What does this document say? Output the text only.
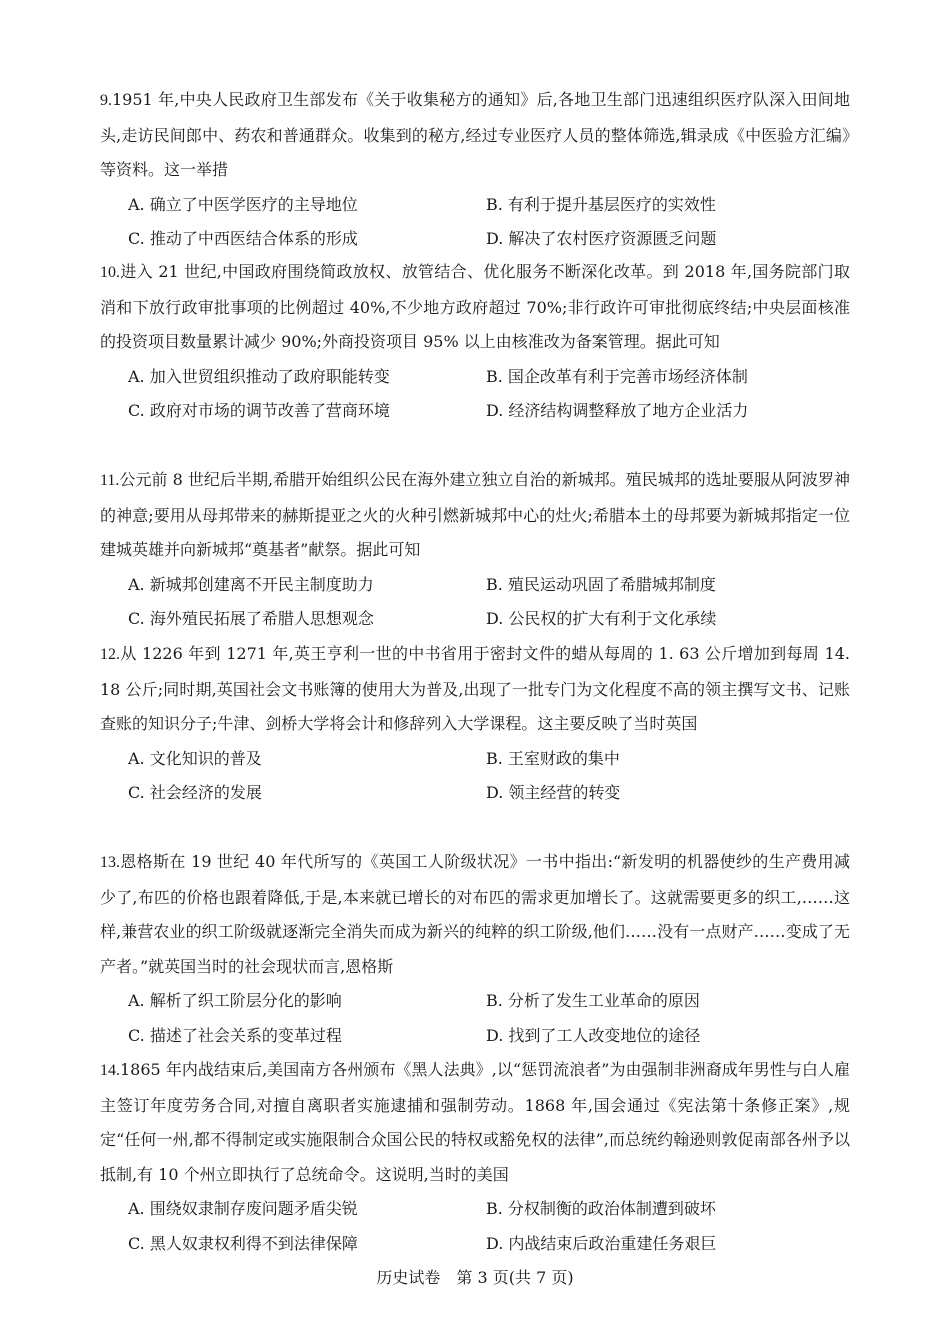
9.1951 年,中央人民政府卫生部发布《关于收集秘方的通知》后,各地卫生部门迅速组织医疗队深入田间地头,走访民间郎中、药农和普通群众。收集到的秘方,经过专业医疗人员的整体筛选,辑录成《中医验方汇编》等资料。这一举措

A. 确立了中医学医疗的主导地位	B. 有利于提升基层医疗的实效性
C. 推动了中西医结合体系的形成	D. 解决了农村医疗资源匮乏问题

10.进入 21 世纪,中国政府围绕简政放权、放管结合、优化服务不断深化改革。到 2018 年,国务院部门取消和下放行政审批事项的比例超过 40%,不少地方政府超过 70%;非行政许可审批彻底终结;中央层面核准的投资项目数量累计减少 90%;外商投资项目 95% 以上由核准改为备案管理。据此可知

A. 加入世贸组织推动了政府职能转变	B. 国企改革有利于完善市场经济体制
C. 政府对市场的调节改善了营商环境	D. 经济结构调整释放了地方企业活力

11.公元前 8 世纪后半期,希腊开始组织公民在海外建立独立自治的新城邦。殖民城邦的选址要服从阿波罗神的神意;要用从母邦带来的赫斯提亚之火的火种引燃新城邦中心的灶火;希腊本土的母邦要为新城邦指定一位建城英雄并向新城邦“奠基者”献祭。据此可知

A. 新城邦创建离不开民主制度助力	B. 殖民运动巩固了希腊城邦制度
C. 海外殖民拓展了希腊人思想观念	D. 公民权的扩大有利于文化承续

12.从 1226 年到 1271 年,英王亨利一世的中书省用于密封文件的蜡从每周的 1. 63 公斤增加到每周 14. 18 公斤;同时期,英国社会文书账簿的使用大为普及,出现了一批专门为文化程度不高的领主撰写文书、记账查账的知识分子;牛津、剑桥大学将会计和修辞列入大学课程。这主要反映了当时英国

A. 文化知识的普及	B. 王室财政的集中
C. 社会经济的发展	D. 领主经营的转变

13.恩格斯在 19 世纪 40 年代所写的《英国工人阶级状况》一书中指出:“新发明的机器使纱的生产费用减少了,布匹的价格也跟着降低,于是,本来就已增长的对布匹的需求更加增长了。这就需要更多的织工,……这样,兼营农业的织工阶级就逐渐完全消失而成为新兴的纯粹的织工阶级,他们……没有一点财产……变成了无产者。”就英国当时的社会现状而言,恩格斯

A. 解析了织工阶层分化的影响	B. 分析了发生工业革命的原因
C. 描述了社会关系的变革过程	D. 找到了工人改变地位的途径

14.1865 年内战结束后,美国南方各州颁布《黑人法典》,以“惩罚流浪者”为由强制非洲裔成年男性与白人雇主签订年度劳务合同,对擅自离职者实施逮捕和强制劳动。1868 年,国会通过《宪法第十条修正案》,规定“任何一州,都不得制定或实施限制合众国公民的特权或豁免权的法律”,而总统约翰逊则敦促南部各州予以抵制,有 10 个州立即执行了总统命令。这说明,当时的美国

A. 围绕奴隶制存废问题矛盾尖锐	B. 分权制衡的政治体制遭到破坏
C. 黑人奴隶权利得不到法律保障	D. 内战结束后政治重建任务艰巨
历史试卷　第 3 页(共 7 页)
